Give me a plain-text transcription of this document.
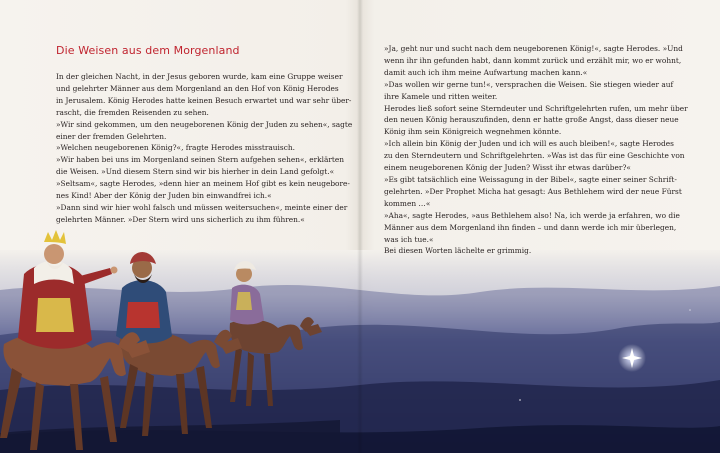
Die Weisen aus dem Morgenland

In der gleichen Nacht, in der Jesus geboren wurde, kam eine Gruppe weiser

und gelehrter Männer aus dem Morgenland an den Hof von König Herodes

in Jerusalem. König Herodes hatte keinen Besuch erwartet und war sehr über-

rascht, die fremden Reisenden zu sehen.

»Wir sind gekommen, um den neugeborenen König der Juden zu sehen«, sagte

einer der fremden Gelehrten.

»Welchen neugeborenen König?«, fragte Herodes misstrauisch.

»Wir haben bei uns im Morgenland seinen Stern aufgehen sehen«, erklärten

die Weisen. »Und diesem Stern sind wir bis hierher in dein Land gefolgt.«

»Seltsam«, sagte Herodes, »denn hier an meinem Hof gibt es kein neugebore-

nes Kind! Aber der König der Juden bin einwandfrei ich.«

»Dann sind wir hier wohl falsch und müssen weitersuchen«, meinte einer der

gelehrten Männer. »Der Stern wird uns sicherlich zu ihm führen.«

»Ja, geht nur und sucht nach dem neugeborenen König!«, sagte Herodes. »Und

wenn ihr ihn gefunden habt, dann kommt zurück und erzählt mir, wo er wohnt,

damit auch ich ihm meine Aufwartung machen kann.«

»Das wollen wir gerne tun!«, versprachen die Weisen. Sie stiegen wieder auf

ihre Kamele und ritten weiter.

Herodes ließ sofort seine Sterndeuter und Schriftgelehrten rufen, um mehr über

den neuen König herauszufinden, denn er hatte große Angst, dass dieser neue

König ihm sein Königreich wegnehmen könnte.

»Ich allein bin König der Juden und ich will es auch bleiben!«, sagte Herodes

zu den Sterndeutern und Schriftgelehrten. »Was ist das für eine Geschichte von

einem neugeborenen König der Juden? Wisst ihr etwas darüber?«

»Es gibt tatsächlich eine Weissagung in der Bibel«, sagte einer seiner Schrift-

gelehrten. »Der Prophet Micha hat gesagt: Aus Bethlehem wird der neue Fürst

kommen …«

»Aha«, sagte Herodes, »aus Bethlehem also! Na, ich werde ja erfahren, wo die

Männer aus dem Morgenland ihn finden – und dann werde ich mir überlegen,

was ich tue.«

Bei diesen Worten lächelte er grimmig.
